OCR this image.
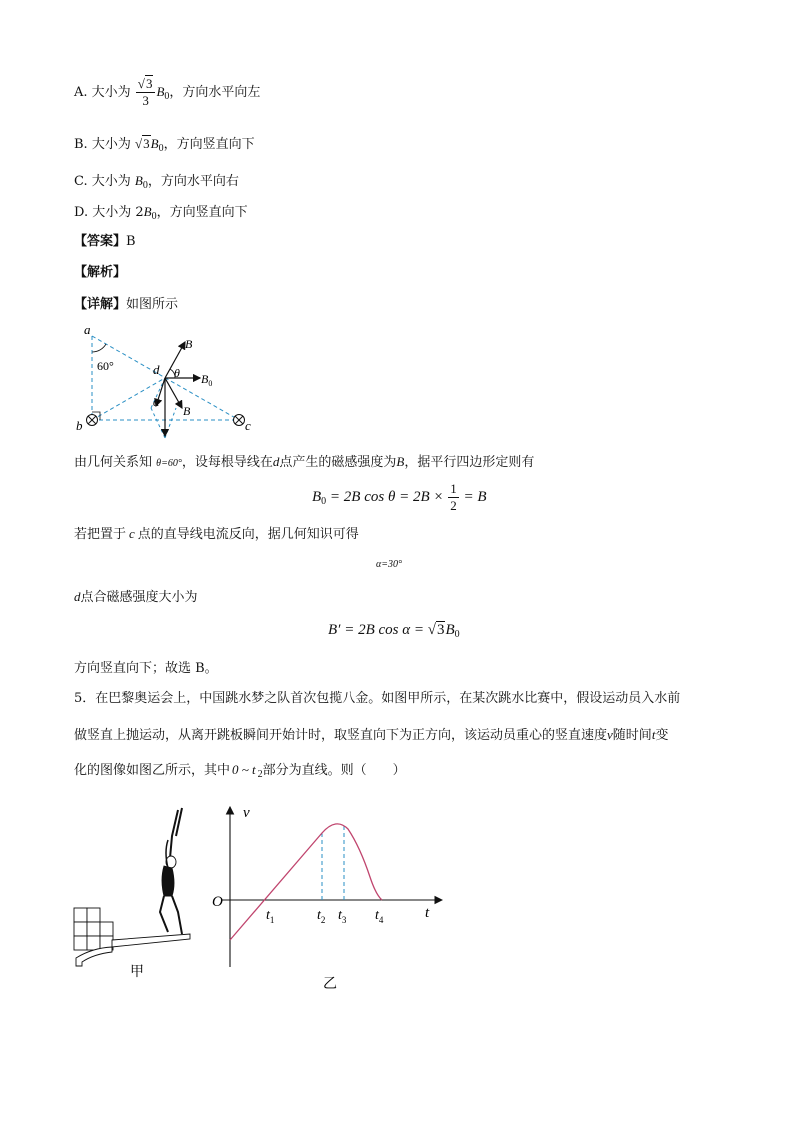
A. 大小为 $\frac{√3}{3} B_0$，方向水平向左
B. 大小为 $√3B_0$，方向竖直向下
C. 大小为 $B_0$，方向水平向右
D. 大小为 $2B_0$，方向竖直向下
【答案】B
【解析】
【详解】如图所示
a
b	c
d
60°	θ
α
B
B
$B_0$
由几何关系知 θ=60°，设每根导线在d点产生的磁感强度为B，据平行四边形定则有
$B_0 = 2B$ $\cos \theta = 2B \times \frac{1}{2} = B$
若把置于 c 点的直导线电流反向，据几何知识可得
α=30°
d点合磁感强度大小为
B′ = 2B $\cos \alpha = √3B_0$
方向竖直向下；故选 B。
5．在巴黎奥运会上，中国跳水梦之队首次包揽八金。如图甲所示，在某次跳水比赛中，假设运动员入水前
做竖直上抛运动，从离开跳板瞬间开始计时，取竖直向下为正方向，该运动员重心的竖直速度v随时间t变
化的图像如图乙所示，其中 0 ~ t $_2$部分为直线。则（　　）
甲
v
t
O
$t_1$	$t_2$ $t_3$ $t_4$
乙
